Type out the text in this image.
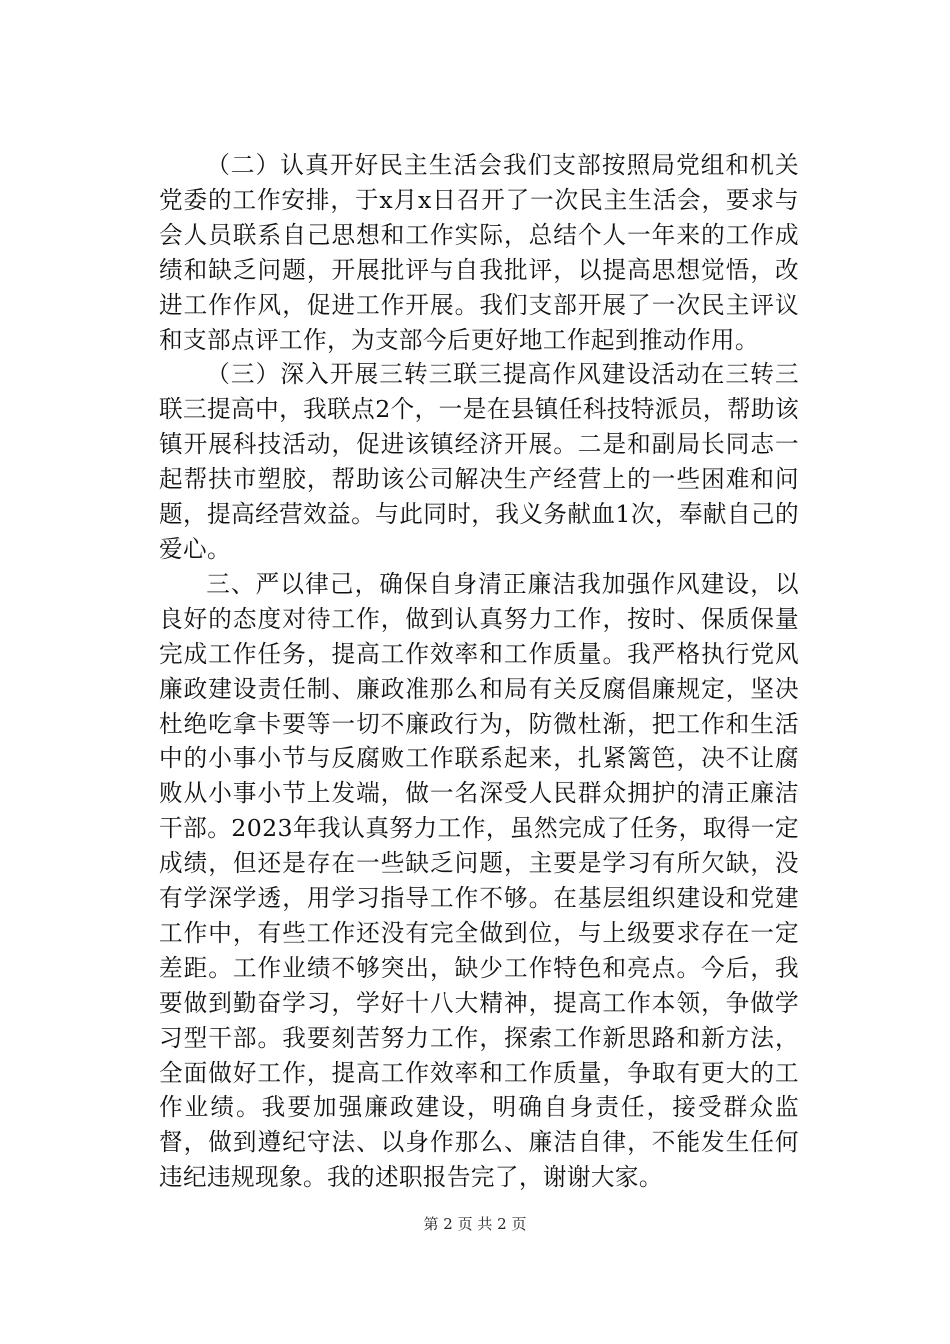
（二）认真开好民主生活会我们支部按照局党组和机关党委的工作安排，于x月x日召开了一次民主生活会，要求与会人员联系自己思想和工作实际，总结个人一年来的工作成绩和缺乏问题，开展批评与自我批评，以提高思想觉悟，改进工作作风，促进工作开展。我们支部开展了一次民主评议和支部点评工作，为支部今后更好地工作起到推动作用。

（三）深入开展三转三联三提高作风建设活动在三转三联三提高中，我联点2个，一是在县镇任科技特派员，帮助该镇开展科技活动，促进该镇经济开展。二是和副局长同志一起帮扶市塑胶，帮助该公司解决生产经营上的一些困难和问题，提高经营效益。与此同时，我义务献血1次，奉献自己的爱心。

三、严以律己，确保自身清正廉洁我加强作风建设，以良好的态度对待工作，做到认真努力工作，按时、保质保量完成工作任务，提高工作效率和工作质量。我严格执行党风廉政建设责任制、廉政准那么和局有关反腐倡廉规定，坚决杜绝吃拿卡要等一切不廉政行为，防微杜渐，把工作和生活中的小事小节与反腐败工作联系起来，扎紧篱笆，决不让腐败从小事小节上发端，做一名深受人民群众拥护的清正廉洁干部。2023年我认真努力工作，虽然完成了任务，取得一定成绩，但还是存在一些缺乏问题，主要是学习有所欠缺，没有学深学透，用学习指导工作不够。在基层组织建设和党建工作中，有些工作还没有完全做到位，与上级要求存在一定差距。工作业绩不够突出，缺少工作特色和亮点。今后，我要做到勤奋学习，学好十八大精神，提高工作本领，争做学习型干部。我要刻苦努力工作，探索工作新思路和新方法，全面做好工作，提高工作效率和工作质量，争取有更大的工作业绩。我要加强廉政建设，明确自身责任，接受群众监督，做到遵纪守法、以身作那么、廉洁自律，不能发生任何违纪违规现象。我的述职报告完了，谢谢大家。

第 2 页 共 2 页
